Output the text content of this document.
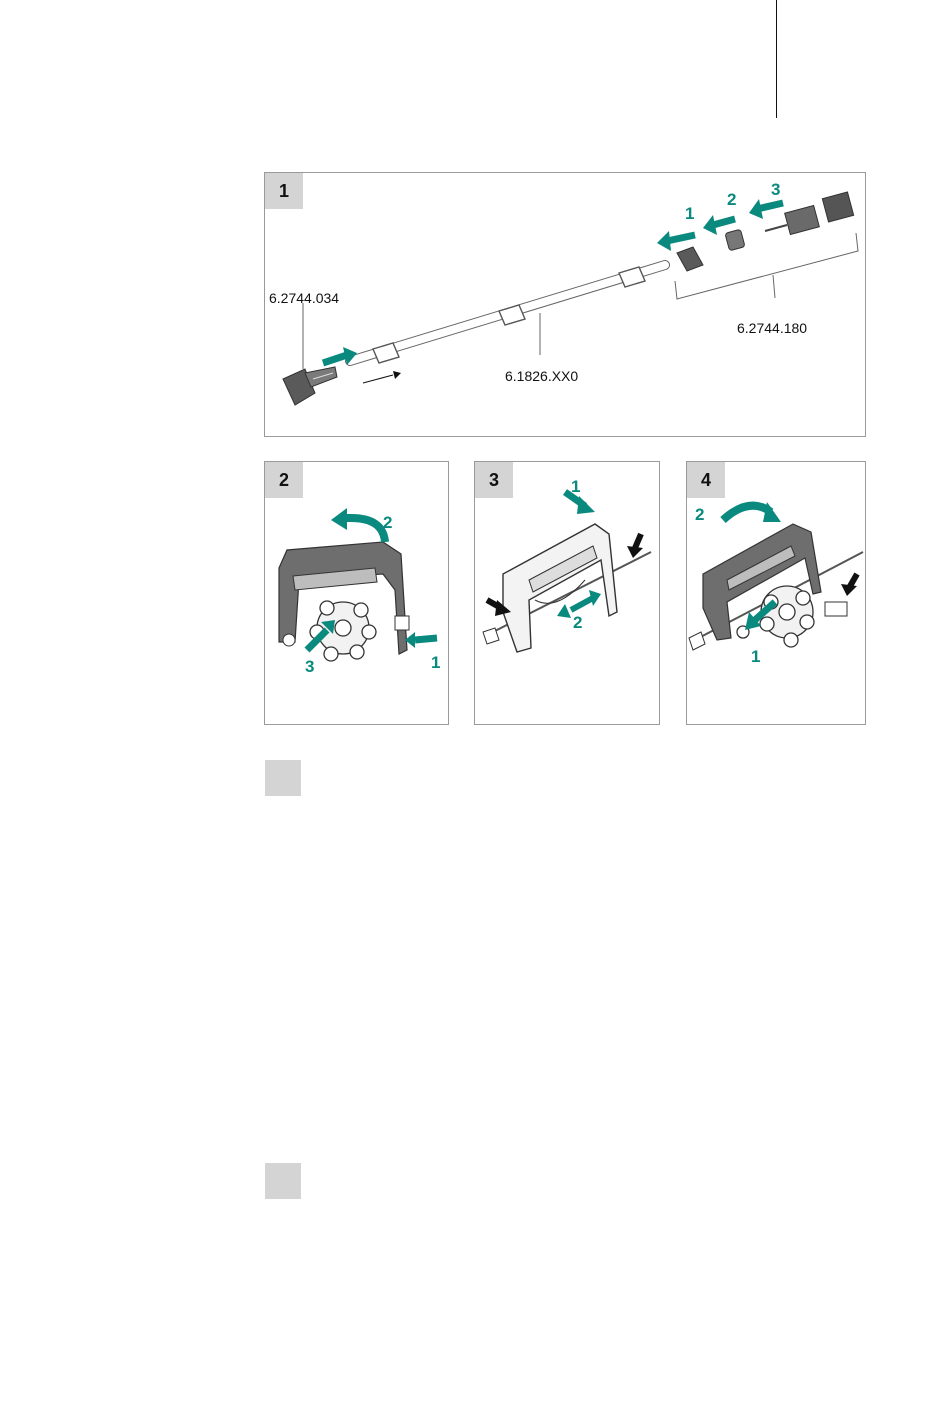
1
6.2744.034
6.1826.XX0
6.2744.180
1
2
3
2
2
1
3
3	1
2
4
2
1
